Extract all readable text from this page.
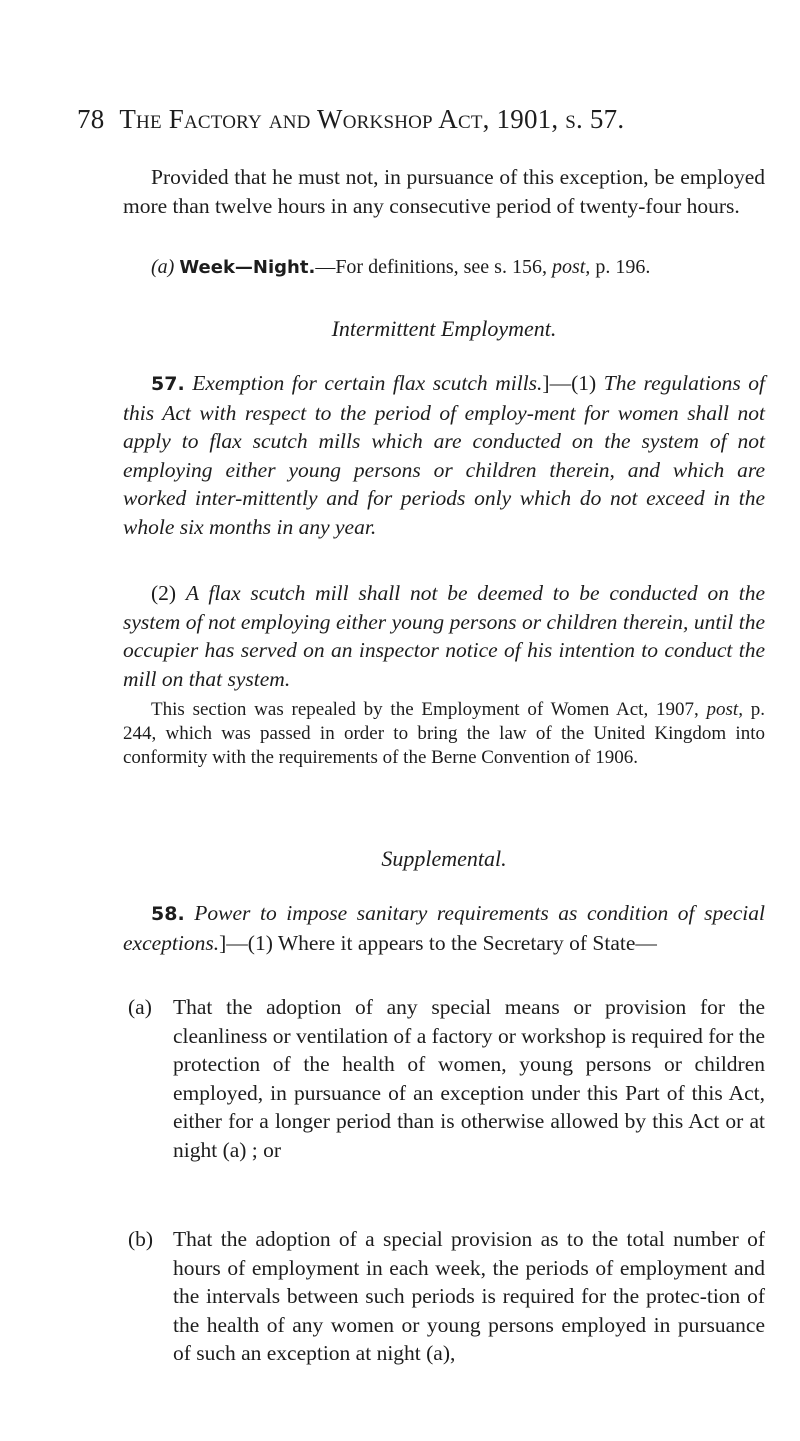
78 The Factory and Workshop Act, 1901, s. 57.
Provided that he must not, in pursuance of this exception, be employed more than twelve hours in any consecutive period of twenty-four hours.
(a) Week—Night.—For definitions, see s. 156, post, p. 196.
Intermittent Employment.
57. Exemption for certain flax scutch mills.]—(1) The regulations of this Act with respect to the period of employ-ment for women shall not apply to flax scutch mills which are conducted on the system of not employing either young persons or children therein, and which are worked inter-mittently and for periods only which do not exceed in the whole six months in any year.
(2) A flax scutch mill shall not be deemed to be conducted on the system of not employing either young persons or children therein, until the occupier has served on an inspector notice of his intention to conduct the mill on that system.
This section was repealed by the Employment of Women Act, 1907, post, p. 244, which was passed in order to bring the law of the United Kingdom into conformity with the requirements of the Berne Convention of 1906.
Supplemental.
58. Power to impose sanitary requirements as condition of special exceptions.]—(1) Where it appears to the Secretary of State—
(a) That the adoption of any special means or provision for the cleanliness or ventilation of a factory or workshop is required for the protection of the health of women, young persons or children employed, in pursuance of an exception under this Part of this Act, either for a longer period than is otherwise allowed by this Act or at night (a) ; or
(b) That the adoption of a special provision as to the total number of hours of employment in each week, the periods of employment and the intervals between such periods is required for the protec-tion of the health of any women or young persons employed in pursuance of such an exception at night (a),
